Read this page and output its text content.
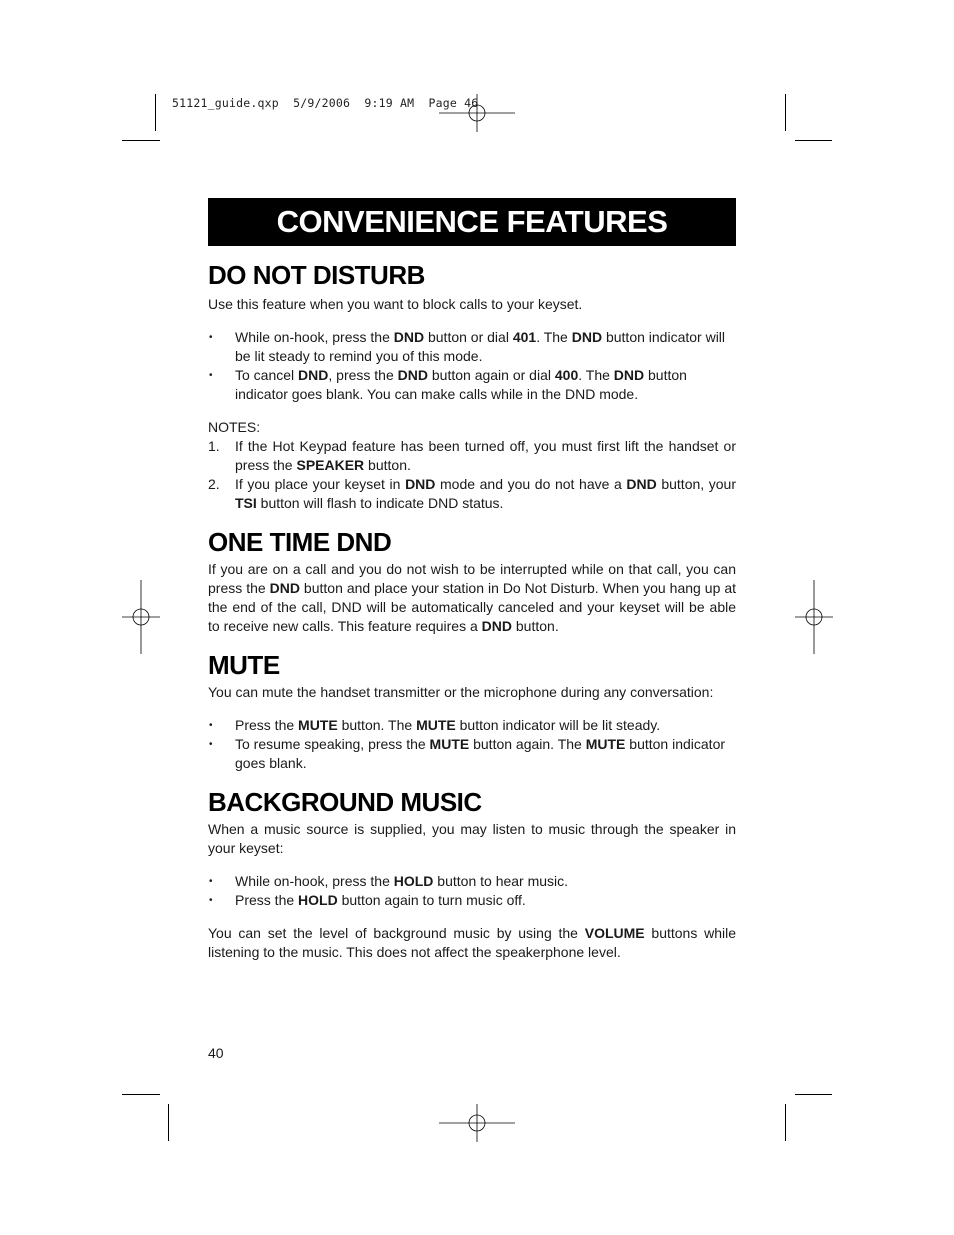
51121_guide.qxp  5/9/2006  9:19 AM  Page 46
CONVENIENCE FEATURES
DO NOT DISTURB

Use this feature when you want to block calls to your keyset.

• While on-hook, press the DND button or dial 401. The DND button indicator will be lit steady to remind you of this mode.
• To cancel DND, press the DND button again or dial 400. The DND button indicator goes blank. You can make calls while in the DND mode.

NOTES:

1. If the Hot Keypad feature has been turned off, you must first lift the handset or press the SPEAKER button.
2. If you place your keyset in DND mode and you do not have a DND button, your TSI button will flash to indicate DND status.
ONE TIME DND

If you are on a call and you do not wish to be interrupted while on that call, you can press the DND button and place your station in Do Not Disturb. When you hang up at the end of the call, DND will be automatically canceled and your keyset will be able to receive new calls. This feature requires a DND button.

MUTE

You can mute the handset transmitter or the microphone during any conversation:

• Press the MUTE button. The MUTE button indicator will be lit steady.
• To resume speaking, press the MUTE button again. The MUTE button indicator goes blank.
BACKGROUND MUSIC

When a music source is supplied, you may listen to music through the speaker in your keyset:

• While on-hook, press the HOLD button to hear music.
• Press the HOLD button again to turn music off.

You can set the level of background music by using the VOLUME buttons while listening to the music. This does not affect the speakerphone level.

40
